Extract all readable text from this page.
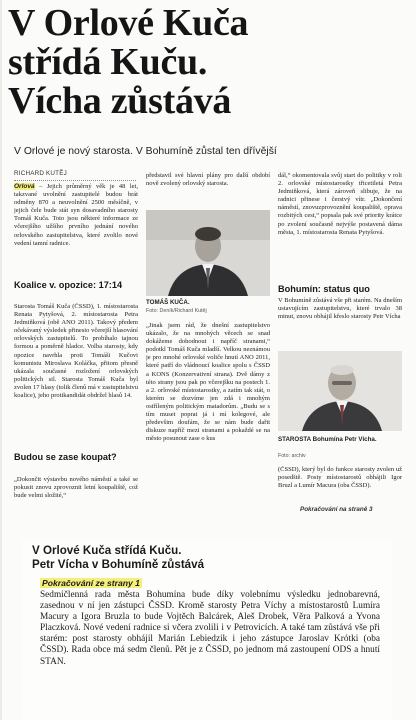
V Orlové Kuča
střídá Kuču.
Vícha zůstává
V Orlové je nový starosta. V Bohumíně zůstal ten dřívější
RICHARD KUTĚJ
Orlová – Jejich průměrný věk je 48 let, takzvané uvolnění zastupitelé budou brát odměny 870 a neuvolnění 2500 měsíčně, v jejich čele bude stát syn dosavadního starosty Tomáš Kuča. Toto jsou některé informace ze včerejšího užšího prvního jednání nového orlovského zastupitelstva, které zvolilo nové vedení tamní radnice.
Koalice v. opozice: 17:14
Starosta Tomáš Kuča (ČSSD), 1. místostarosta Renata Pytyšová, 2. místostarosta Petra Jedmiňková (obě ANO 2011). Takový předem očekávaný výsledek přinesio včerejší hlasování orlovských zastupitelů. To probíhalo tajnou formou a poměrně hladce. Volba starosty, kdy opozice navrhla proti Tomáši Kučovi komunistu Miroslava Koláčka, přitom přesně ukázala současné rozložení orlovských politických sil. Starosta Tomáš Kuča byl zvolen 17 hlasy (tolik členů má v zastupitelstvu koalice), jeho protikandidát obdržel hlasů 14.
Budou se zase koupat?
„Dokončit výstavbu nového náměstí a také se pokusit znovu zprovoznit letní koupaliště, což bude velmi složité,“
představil své hlavní plány pro další období nově zvolený orlovský starosta.
TOMÁŠ KUČA.
Foto: Deník/Richard Kutěj
„Jinak jsem rád, že dnešní zastupitelstvo ukázalo, že na mnohých věcech se snad dokážeme dohodnout i napříč stranami,“ podotkl Tomáš Kuča mladší. Velkou neznámou je pro mnohé orlovské voliče hnutí ANO 2011, které patří do vládnoucí koalice spolu s ČSSD a KONS (Konzervativní strana). Dvě dámy z této strany jsou pak po včerejšku na postech 1. a 2. orlovské místostarostky, a zatím tak stát, o kterém se dozvíme jen zdá i mnohým ostříleným politickým matadorům. „Budu se s tím muset poprat já i mí kolegové, ale předevšim doufám, že se nám bude dařit diskuze napříč mezi stranami a pokaždé se na město posunout zase o kus
dál,“ okomentovala svůj start do politiky v roli 2. orlovské místostarostky třicetiletá Petra Jedmiňková, která zároveň slibuje, že na radnici přinese i čerstvý vítr. „Dokončení náměstí, znovuzprovoznění koupaliště, oprava rozbitých cest,“ popsala pak své priority krátce po zvolení současně nejvýše postavená dáma města, 1. místostarosta Renata Pytyšová.
Bohumín: status quo
V Bohumíně zůstává vše při starém. Na dneším ustavujícím zastupitelstvu, které trvalo 38 minut, znovu obhájil křeslo starosty Petr Vícha
STAROSTA Bohumína Petr Vícha.
Foto: archiv
(ČSSD), který byl do funkce starosty zvolen už posedště. Posty místostarostů obhájili Igor Bruzl a Lumír Macura (oba ČSSD).
Pokračování na straně 3
V Orlové Kuča střídá Kuču.
Petr Vícha v Bohumíně zůstává
Pokračování ze strany 1
Sedmičlenná rada města Bohumína bude díky volebnímu výsledku jednobarevná, zasednou v ní jen zástupci ČSSD. Kromě starosty Petra Víchy a místostarostů Lumíra Macury a Igora Bruzla to bude Vojtěch Balcárek, Aleš Drobek, Věra Palková a Yvona Placzková. Nové vedení radnice si včera zvolili i v Petrovicích. A také tam zůstává vše při starém: post starosty obhájil Marián Lebiedzik i jeho zástupce Jaroslav Krótki (oba ČSSD). Rada obce má sedm členů. Pět je z ČSSD, po jednom má zastoupení ODS a hnutí STAN.
